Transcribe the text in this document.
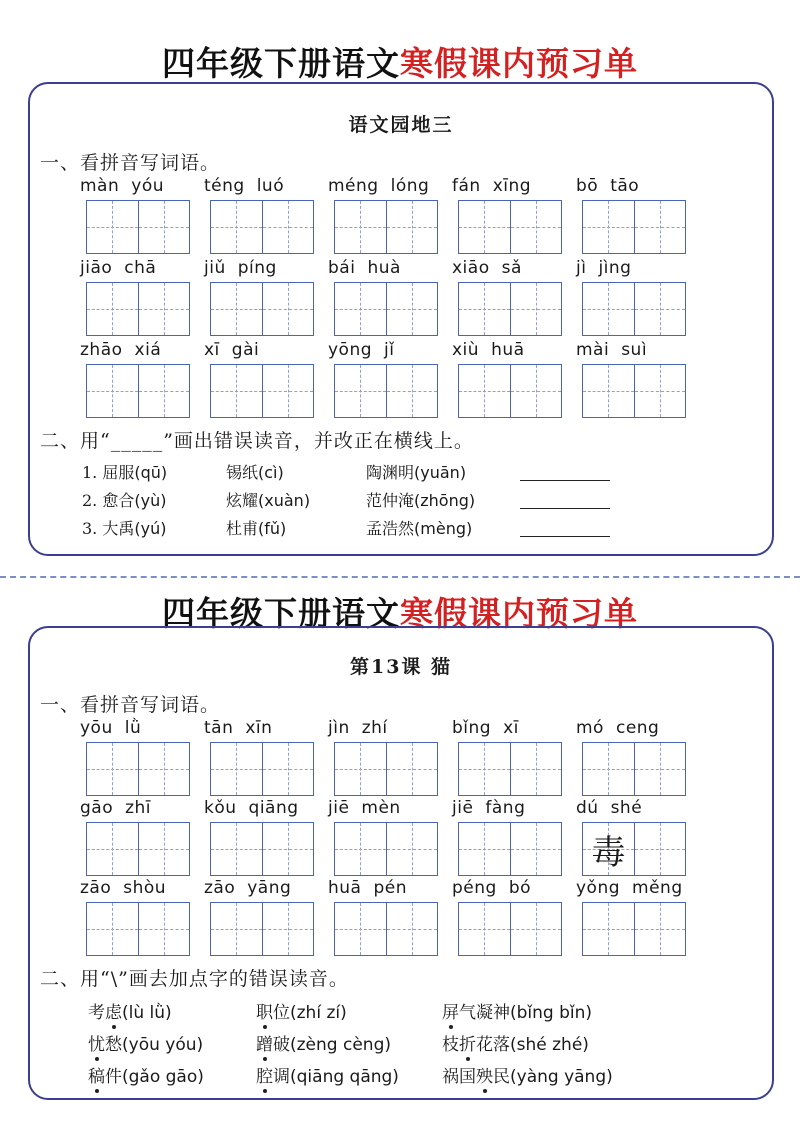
四年级下册语文寒假课内预习单
语文园地三
一、看拼音写词语。
màn yóu	téng luó	méng lóng	fán xīng	bō tāo
jiāo chā	jiǔ píng	bái huà	xiāo sǎ	jì jìng
zhāo xiá	xī gài	yōng jǐ	xiù huā	mài suì
二、用“_____”画出错误读音，并改正在横线上。
1. 屈服(qū)	锡纸(cì)	陶渊明(yuān)
2. 愈合(yù)	炫耀(xuàn)	范仲淹(zhōng)
3. 大禹(yú)	杜甫(fǔ)	孟浩然(mèng)
四年级下册语文寒假课内预习单
第13课 猫
一、看拼音写词语。
yōu lǜ	tān xīn	jìn zhí	bǐng xī	mó ceng
gāo zhī	kǒu qiāng	jiē mèn	jiē fàng	dú shé
毒
zāo shòu	zāo yāng	huā pén	péng bó	yǒng měng
二、用“\”画去加点字的错误读音。
考虑(lù lǜ)	职位(zhí zí)	屏气凝神(bǐng bǐn)
忧愁(yōu yóu)	蹭破(zèng cèng)	枝折花落(shé zhé)
稿件(gǎo gāo)	腔调(qiāng qāng)	祸国殃民(yàng yāng)
